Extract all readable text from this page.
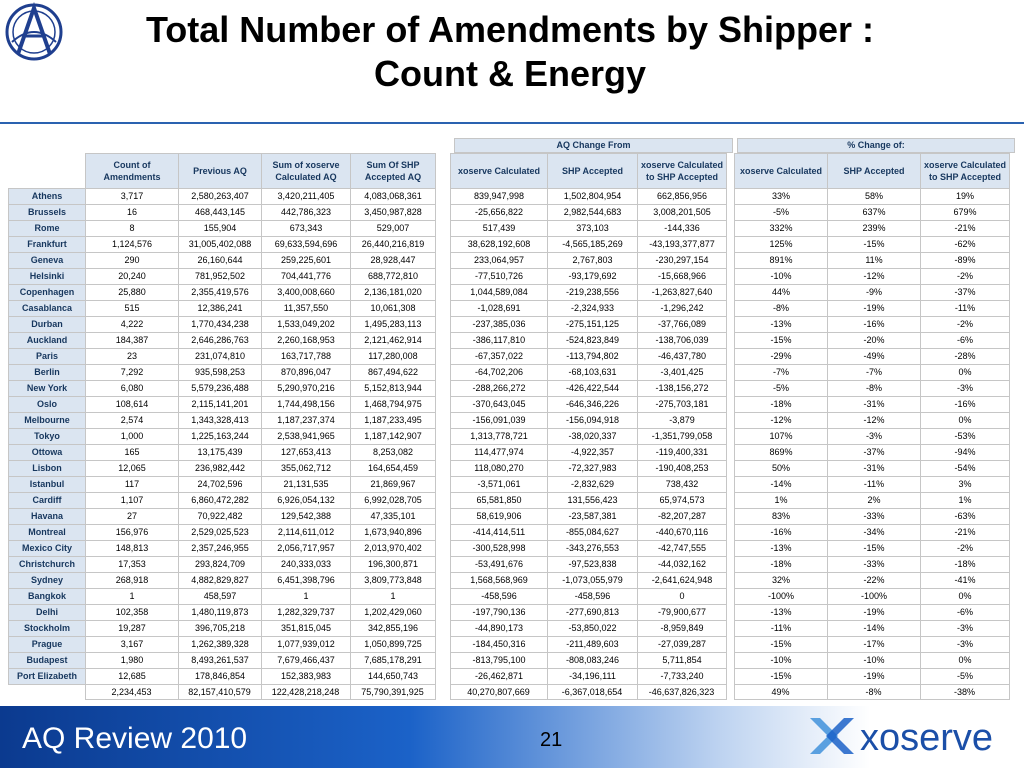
Total Number of Amendments by Shipper :
Count & Energy
AQ Change From	% Change of:
	Count of Amendments	Previous AQ	Sum of xoserve Calculated AQ	Sum Of SHP Accepted AQ		xoserve Calculated	SHP Accepted	xoserve Calculated to SHP Accepted		xoserve Calculated	SHP Accepted	xoserve Calculated to SHP Accepted
Athens	3,717	2,580,263,407	3,420,211,405	4,083,068,361		839,947,998	1,502,804,954	662,856,956		33%	58%	19%
Brussels	16	468,443,145	442,786,323	3,450,987,828		-25,656,822	2,982,544,683	3,008,201,505		-5%	637%	679%
Rome	8	155,904	673,343	529,007		517,439	373,103	-144,336		332%	239%	-21%
Frankfurt	1,124,576	31,005,402,088	69,633,594,696	26,440,216,819		38,628,192,608	-4,565,185,269	-43,193,377,877		125%	-15%	-62%
Geneva	290	26,160,644	259,225,601	28,928,447		233,064,957	2,767,803	-230,297,154		891%	11%	-89%
Helsinki	20,240	781,952,502	704,441,776	688,772,810		-77,510,726	-93,179,692	-15,668,966		-10%	-12%	-2%
Copenhagen	25,880	2,355,419,576	3,400,008,660	2,136,181,020		1,044,589,084	-219,238,556	-1,263,827,640		44%	-9%	-37%
Casablanca	515	12,386,241	11,357,550	10,061,308		-1,028,691	-2,324,933	-1,296,242		-8%	-19%	-11%
Durban	4,222	1,770,434,238	1,533,049,202	1,495,283,113		-237,385,036	-275,151,125	-37,766,089		-13%	-16%	-2%
Auckland	184,387	2,646,286,763	2,260,168,953	2,121,462,914		-386,117,810	-524,823,849	-138,706,039		-15%	-20%	-6%
Paris	23	231,074,810	163,717,788	117,280,008		-67,357,022	-113,794,802	-46,437,780		-29%	-49%	-28%
Berlin	7,292	935,598,253	870,896,047	867,494,622		-64,702,206	-68,103,631	-3,401,425		-7%	-7%	0%
New York	6,080	5,579,236,488	5,290,970,216	5,152,813,944		-288,266,272	-426,422,544	-138,156,272		-5%	-8%	-3%
Oslo	108,614	2,115,141,201	1,744,498,156	1,468,794,975		-370,643,045	-646,346,226	-275,703,181		-18%	-31%	-16%
Melbourne	2,574	1,343,328,413	1,187,237,374	1,187,233,495		-156,091,039	-156,094,918	-3,879		-12%	-12%	0%
Tokyo	1,000	1,225,163,244	2,538,941,965	1,187,142,907		1,313,778,721	-38,020,337	-1,351,799,058		107%	-3%	-53%
Ottowa	165	13,175,439	127,653,413	8,253,082		114,477,974	-4,922,357	-119,400,331		869%	-37%	-94%
Lisbon	12,065	236,982,442	355,062,712	164,654,459		118,080,270	-72,327,983	-190,408,253		50%	-31%	-54%
Istanbul	117	24,702,596	21,131,535	21,869,967		-3,571,061	-2,832,629	738,432		-14%	-11%	3%
Cardiff	1,107	6,860,472,282	6,926,054,132	6,992,028,705		65,581,850	131,556,423	65,974,573		1%	2%	1%
Havana	27	70,922,482	129,542,388	47,335,101		58,619,906	-23,587,381	-82,207,287		83%	-33%	-63%
Montreal	156,976	2,529,025,523	2,114,611,012	1,673,940,896		-414,414,511	-855,084,627	-440,670,116		-16%	-34%	-21%
Mexico City	148,813	2,357,246,955	2,056,717,957	2,013,970,402		-300,528,998	-343,276,553	-42,747,555		-13%	-15%	-2%
Christchurch	17,353	293,824,709	240,333,033	196,300,871		-53,491,676	-97,523,838	-44,032,162		-18%	-33%	-18%
Sydney	268,918	4,882,829,827	6,451,398,796	3,809,773,848		1,568,568,969	-1,073,055,979	-2,641,624,948		32%	-22%	-41%
Bangkok	1	458,597	1	1		-458,596	-458,596	0		-100%	-100%	0%
Delhi	102,358	1,480,119,873	1,282,329,737	1,202,429,060		-197,790,136	-277,690,813	-79,900,677		-13%	-19%	-6%
Stockholm	19,287	396,705,218	351,815,045	342,855,196		-44,890,173	-53,850,022	-8,959,849		-11%	-14%	-3%
Prague	3,167	1,262,389,328	1,077,939,012	1,050,899,725		-184,450,316	-211,489,603	-27,039,287		-15%	-17%	-3%
Budapest	1,980	8,493,261,537	7,679,466,437	7,685,178,291		-813,795,100	-808,083,246	5,711,854		-10%	-10%	0%
Port Elizabeth	12,685	178,846,854	152,383,983	144,650,743		-26,462,871	-34,196,111	-7,733,240		-15%	-19%	-5%
	2,234,453	82,157,410,579	122,428,218,248	75,790,391,925		40,270,807,669	-6,367,018,654	-46,637,826,323		49%	-8%	-38%
AQ Review 2010	21	xoserve
